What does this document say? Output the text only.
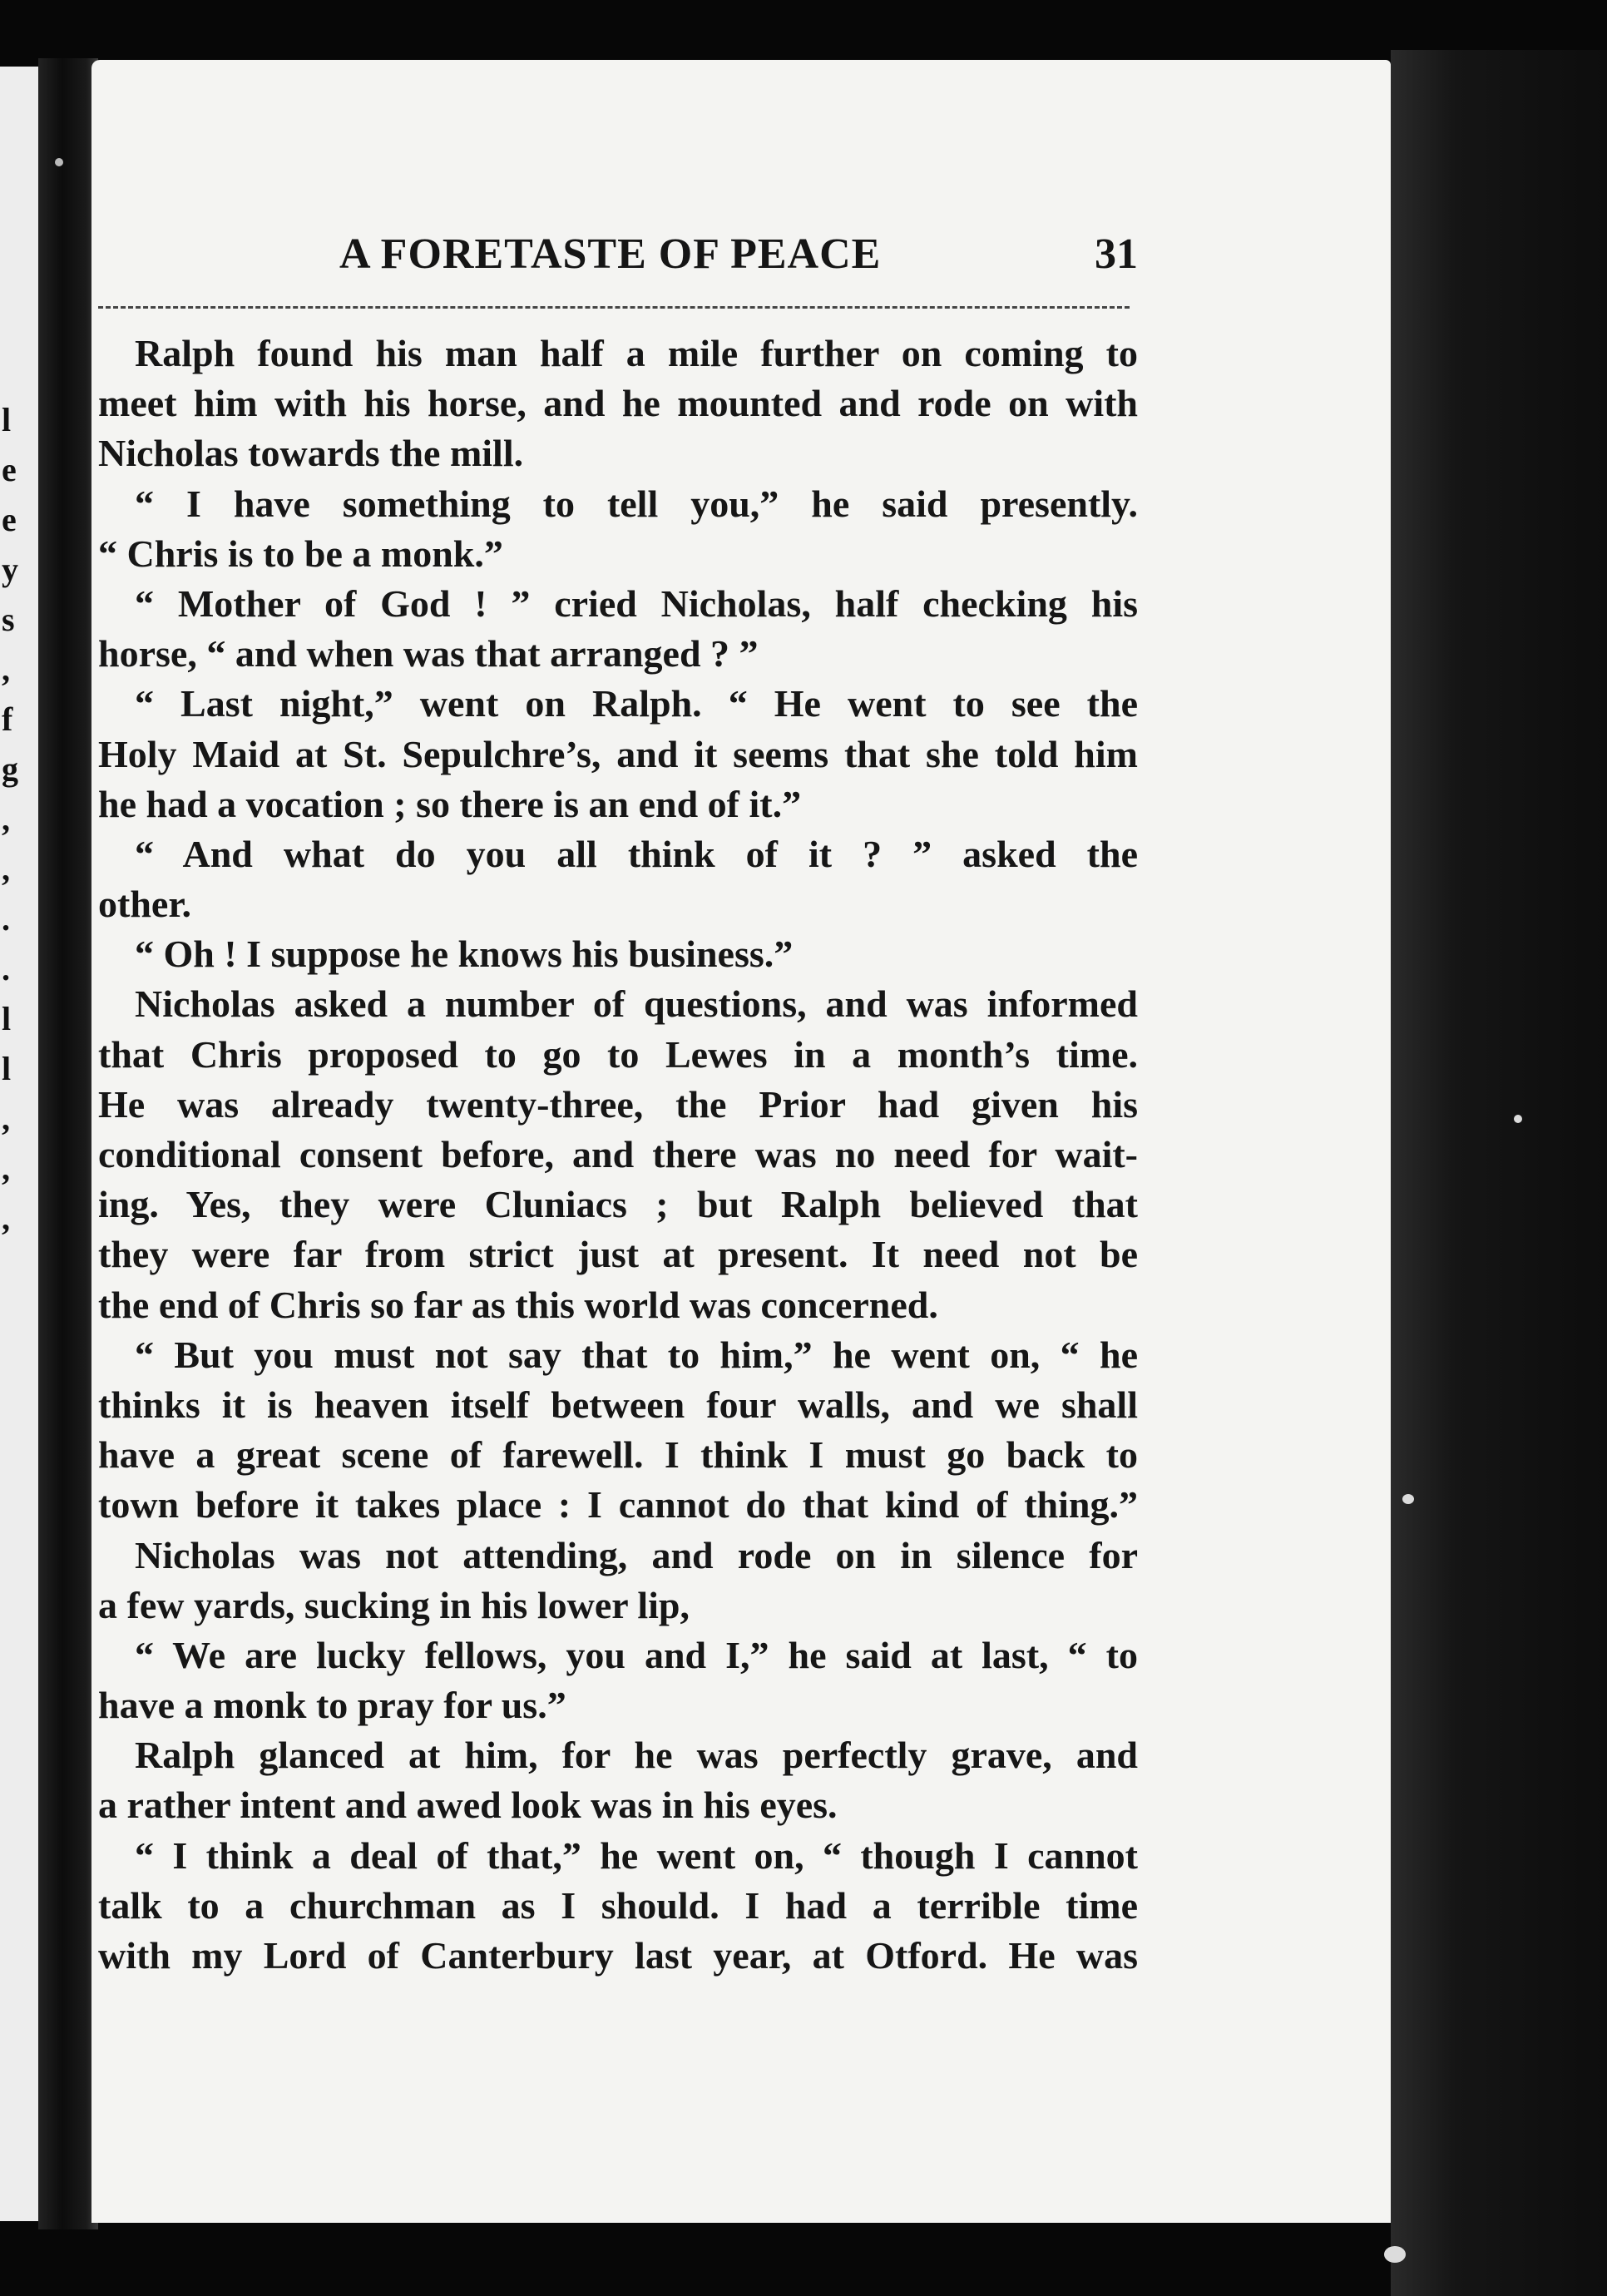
l e e y s , f g , , . . l l , , ,
A FORETASTE OF PEACE	31
Ralph found his man half a mile further on coming to
meet him with his horse, and he mounted and rode on with
Nicholas towards the mill.
“ I have something to tell you,” he said presently.
“ Chris is to be a monk.”
“ Mother of God ! ” cried Nicholas, half checking his
horse, “ and when was that arranged ? ”
“ Last night,” went on Ralph. “ He went to see the
Holy Maid at St. Sepulchre’s, and it seems that she told him
he had a vocation ; so there is an end of it.”
“ And what do you all think of it ? ” asked the
other.
“ Oh ! I suppose he knows his business.”
Nicholas asked a number of questions, and was informed
that Chris proposed to go to Lewes in a month’s time.
He was already twenty-three, the Prior had given his
conditional consent before, and there was no need for wait-
ing. Yes, they were Cluniacs ; but Ralph believed that
they were far from strict just at present. It need not be
the end of Chris so far as this world was concerned.
“ But you must not say that to him,” he went on, “ he
thinks it is heaven itself between four walls, and we shall
have a great scene of farewell. I think I must go back to
town before it takes place : I cannot do that kind of thing.”
Nicholas was not attending, and rode on in silence for
a few yards, sucking in his lower lip,
“ We are lucky fellows, you and I,” he said at last, “ to
have a monk to pray for us.”
Ralph glanced at him, for he was perfectly grave, and
a rather intent and awed look was in his eyes.
“ I think a deal of that,” he went on, “ though I cannot
talk to a churchman as I should. I had a terrible time
with my Lord of Canterbury last year, at Otford. He was
